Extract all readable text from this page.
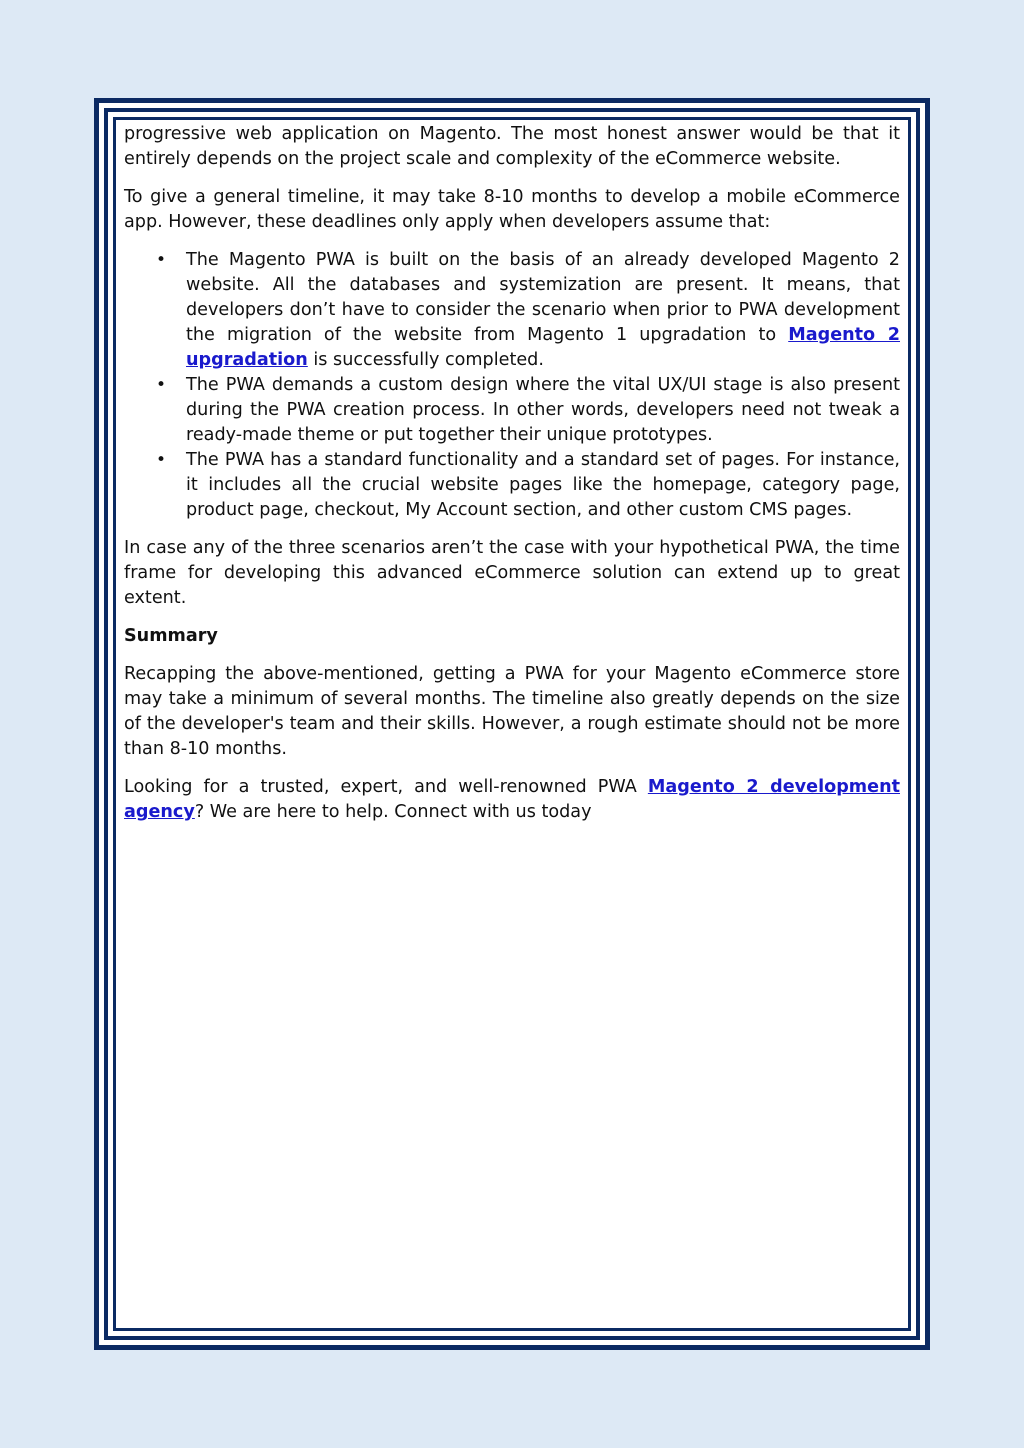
progressive web application on Magento. The most honest answer would be that it entirely depends on the project scale and complexity of the eCommerce website.

To give a general timeline, it may take 8-10 months to develop a mobile eCommerce app. However, these deadlines only apply when developers assume that:

• The Magento PWA is built on the basis of an already developed Magento 2 website. All the databases and systemization are present. It means, that developers don’t have to consider the scenario when prior to PWA development the migration of the website from Magento 1 upgradation to Magento 2 upgradation is successfully completed.
• The PWA demands a custom design where the vital UX/UI stage is also present during the PWA creation process. In other words, developers need not tweak a ready-made theme or put together their unique prototypes.
• The PWA has a standard functionality and a standard set of pages. For instance, it includes all the crucial website pages like the homepage, category page, product page, checkout, My Account section, and other custom CMS pages.

In case any of the three scenarios aren’t the case with your hypothetical PWA, the time frame for developing this advanced eCommerce solution can extend up to great extent.

Summary

Recapping the above-mentioned, getting a PWA for your Magento eCommerce store may take a minimum of several months. The timeline also greatly depends on the size of the developer's team and their skills. However, a rough estimate should not be more than 8-10 months.

Looking for a trusted, expert, and well-renowned PWA Magento 2 development agency? We are here to help. Connect with us today
